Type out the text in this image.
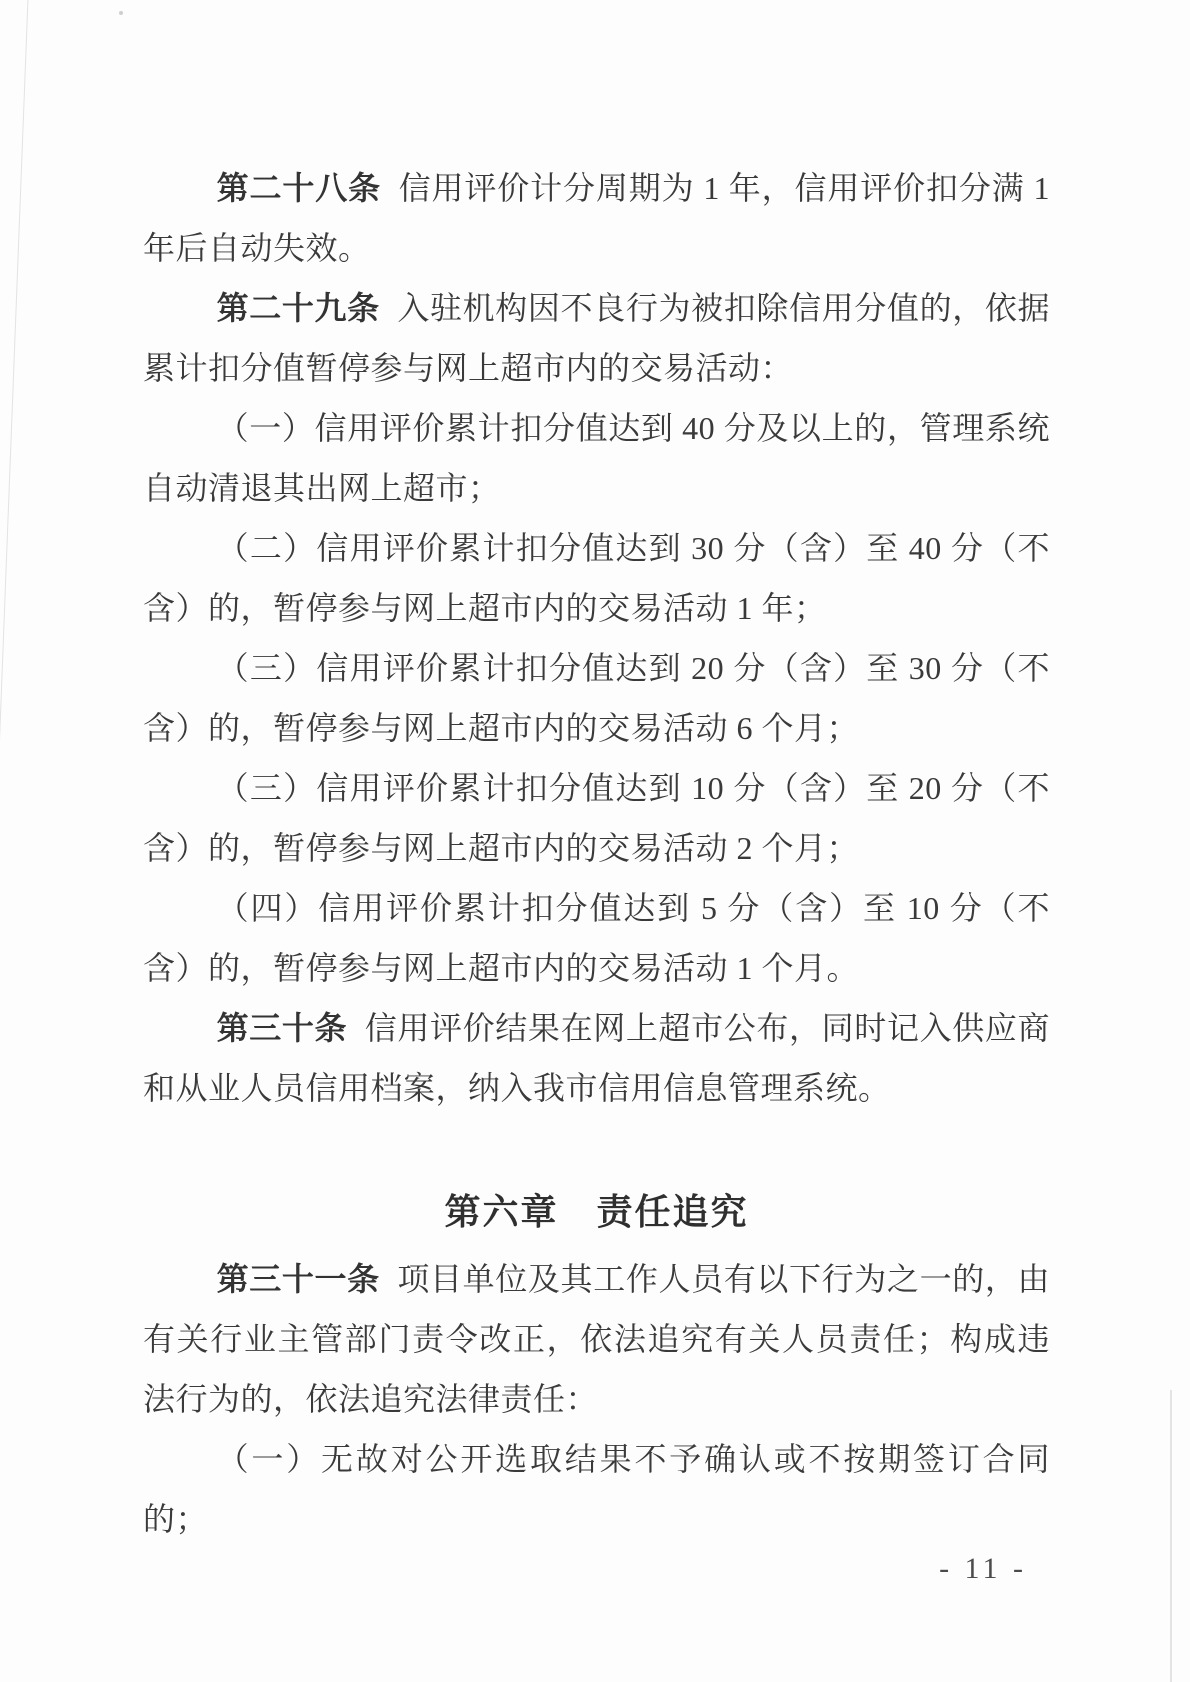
第二十八条 信用评价计分周期为 1 年，信用评价扣分满 1 年后自动失效。

第二十九条 入驻机构因不良行为被扣除信用分值的，依据累计扣分值暂停参与网上超市内的交易活动：

（一）信用评价累计扣分值达到 40 分及以上的，管理系统自动清退其出网上超市；

（二）信用评价累计扣分值达到 30 分（含）至 40 分（不含）的，暂停参与网上超市内的交易活动 1 年；

（三）信用评价累计扣分值达到 20 分（含）至 30 分（不含）的，暂停参与网上超市内的交易活动 6 个月；

（三）信用评价累计扣分值达到 10 分（含）至 20 分（不含）的，暂停参与网上超市内的交易活动 2 个月；

（四）信用评价累计扣分值达到 5 分（含）至 10 分（不含）的，暂停参与网上超市内的交易活动 1 个月。

第三十条 信用评价结果在网上超市公布，同时记入供应商和从业人员信用档案，纳入我市信用信息管理系统。

第六章　责任追究

第三十一条 项目单位及其工作人员有以下行为之一的，由有关行业主管部门责令改正，依法追究有关人员责任；构成违法行为的，依法追究法律责任：

（一）无故对公开选取结果不予确认或不按期签订合同的；

- 11 -
